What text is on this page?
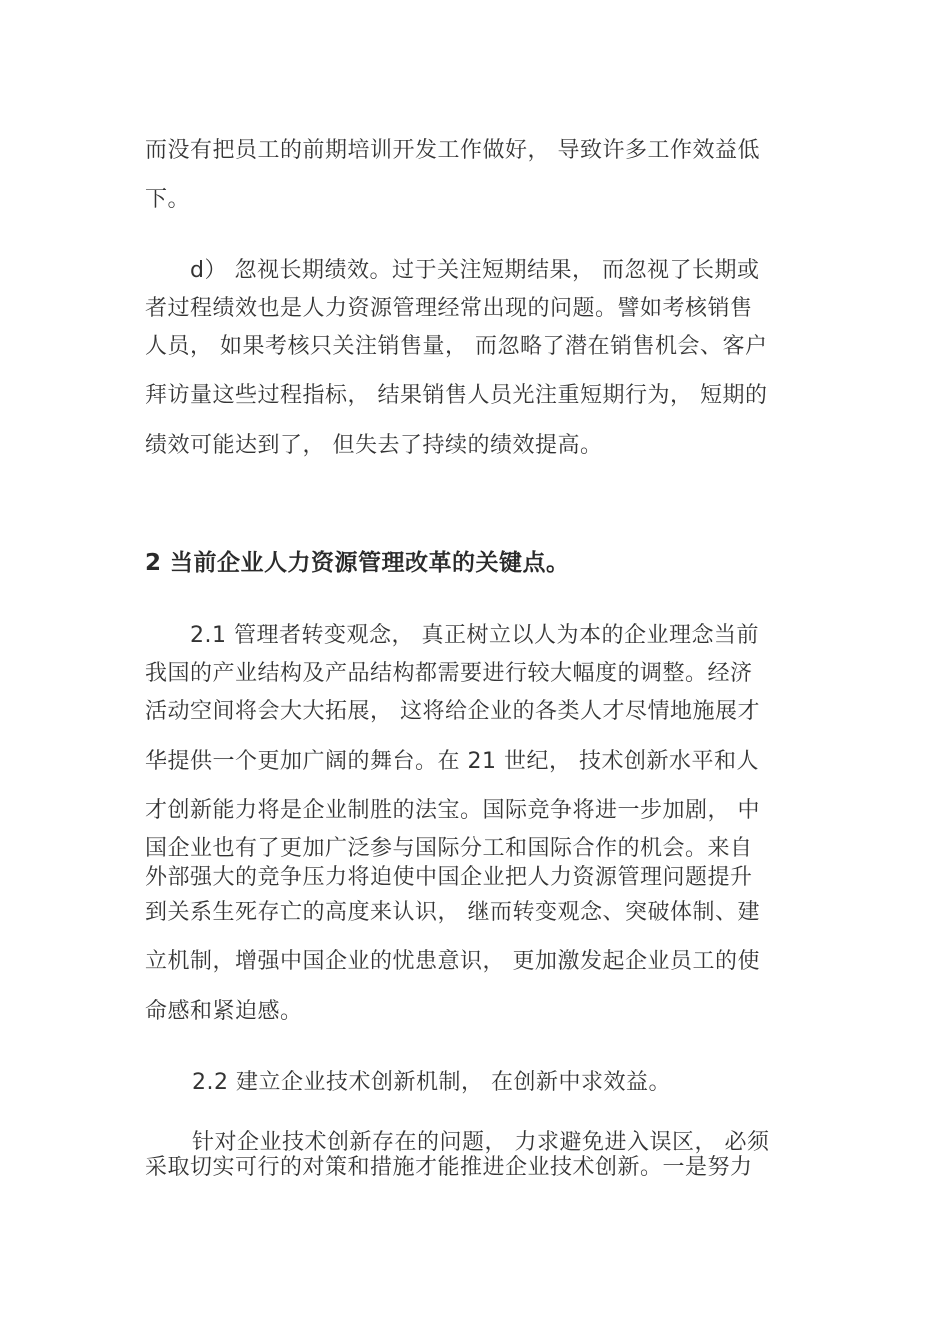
而没有把员工的前期培训开发工作做好， 导致许多工作效益低
下。
d） 忽视长期绩效。过于关注短期结果， 而忽视了长期或
者过程绩效也是人力资源管理经常出现的问题。譬如考核销售
人员， 如果考核只关注销售量， 而忽略了潜在销售机会、客户
拜访量这些过程指标， 结果销售人员光注重短期行为， 短期的
绩效可能达到了， 但失去了持续的绩效提高。
2 当前企业人力资源管理改革的关键点。
2.1 管理者转变观念， 真正树立以人为本的企业理念当前
我国的产业结构及产品结构都需要进行较大幅度的调整。经济
活动空间将会大大拓展， 这将给企业的各类人才尽情地施展才
华提供一个更加广阔的舞台。在 21 世纪， 技术创新水平和人
才创新能力将是企业制胜的法宝。国际竞争将进一步加剧， 中
国企业也有了更加广泛参与国际分工和国际合作的机会。来自
外部强大的竞争压力将迫使中国企业把人力资源管理问题提升
到关系生死存亡的高度来认识， 继而转变观念、突破体制、建
立机制，增强中国企业的忧患意识， 更加激发起企业员工的使
命感和紧迫感。
2.2 建立企业技术创新机制， 在创新中求效益。
针对企业技术创新存在的问题， 力求避免进入误区， 必须
采取切实可行的对策和措施才能推进企业技术创新。一是努力
